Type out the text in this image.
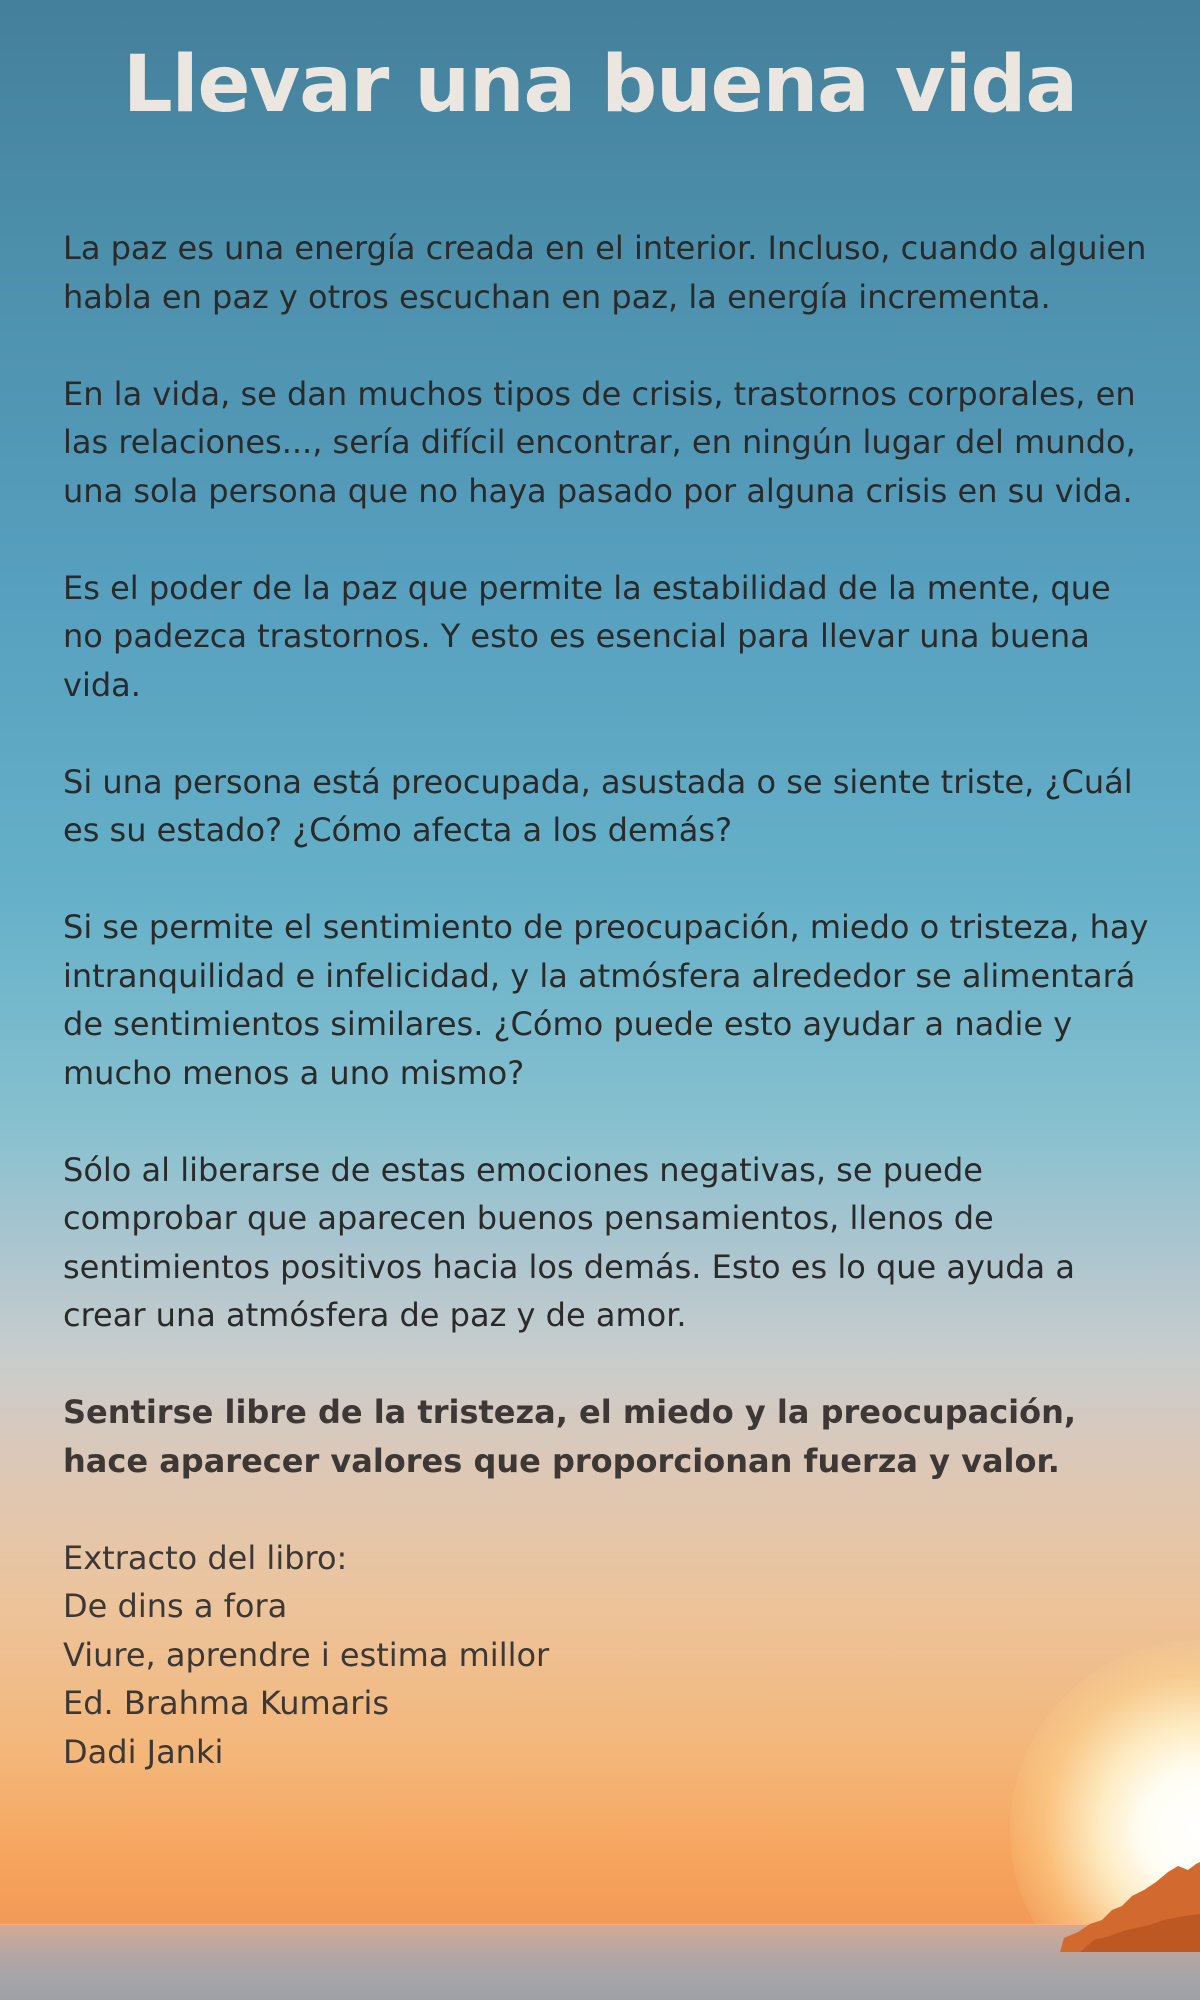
Llevar una buena vida

La paz es una energía creada en el interior. Incluso, cuando alguien habla en paz y otros escuchan en paz, la energía incrementa.

En la vida, se dan muchos tipos de crisis, trastornos corporales, en las relaciones..., sería difícil encontrar, en ningún lugar del mundo, una sola persona que no haya pasado por alguna crisis en su vida.

Es el poder de la paz que permite la estabilidad de la mente, que no padezca trastornos. Y esto es esencial para llevar una buena vida.

Si una persona está preocupada, asustada o se siente triste, ¿Cuál es su estado? ¿Cómo afecta a los demás?

Si se permite el sentimiento de preocupación, miedo o tristeza, hay intranquilidad e infelicidad, y la atmósfera alrededor se alimentará de sentimientos similares. ¿Cómo puede esto ayudar a nadie y mucho menos a uno mismo?

Sólo al liberarse de estas emociones negativas, se puede comprobar que aparecen buenos pensamientos, llenos de sentimientos positivos hacia los demás. Esto es lo que ayuda a crear una atmósfera de paz y de amor.

Sentirse libre de la tristeza, el miedo y la preocupación, hace aparecer valores que proporcionan fuerza y valor.

Extracto del libro:
De dins a fora
Viure, aprendre i estima millor
Ed. Brahma Kumaris
Dadi Janki
